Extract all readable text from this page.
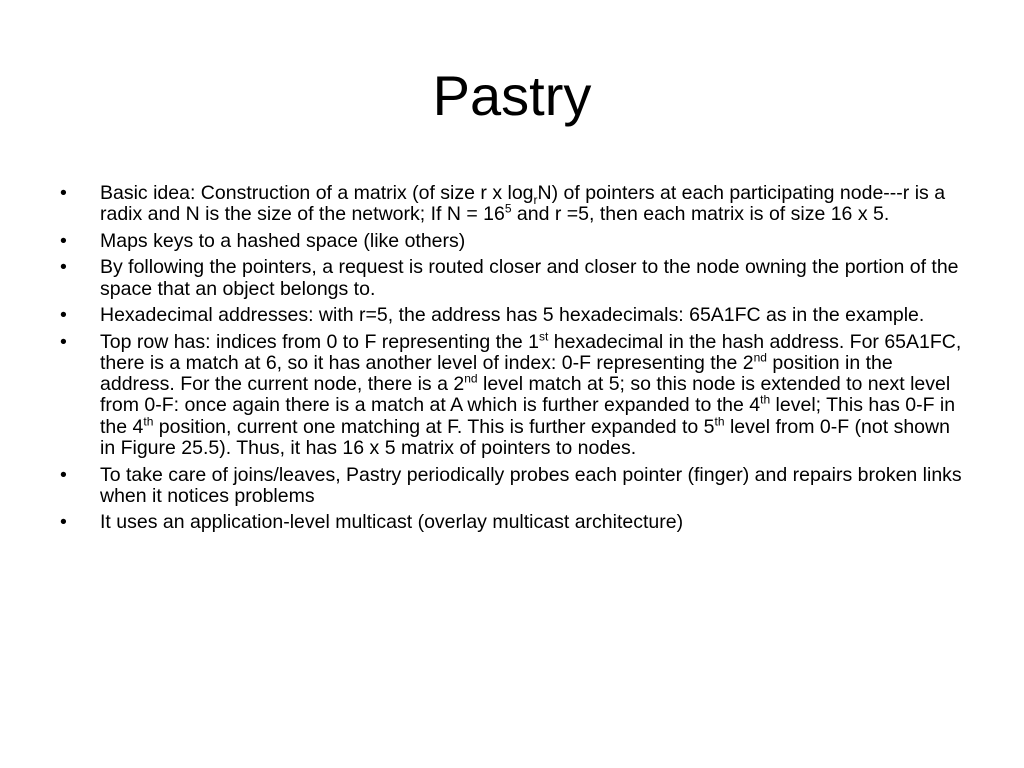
Pastry
•	Basic idea: Construction of a matrix (of size r x $\log_rN$) of pointers at each participating node---r is a radix and N is the size of the network; If $N = 16^5$ and r =5, then each matrix is of size 16 x 5.
•	Maps keys to a hashed space (like others)
•	By following the pointers, a request is routed closer and closer to the node owning the portion of the space that an object belongs to.
•	Hexadecimal addresses: with r=5, the address has 5 hexadecimals: 65A1FC as in the example.
•	Top row has: indices from 0 to F representing the 1st hexadecimal in the hash address. For 65A1FC, there is a match at 6, so it has another level of index: 0-F representing the 2nd position in the address. For the current node, there is a 2nd level match at 5; so this node is extended to next level from 0-F: once again there is a match at A which is further expanded to the 4th level; This has 0-F in the 4th position, current one matching at F. This is further expanded to 5th level from 0-F (not shown in Figure 25.5). Thus, it has 16 x 5 matrix of pointers to nodes.
•	To take care of joins/leaves, Pastry periodically probes each pointer (finger) and repairs broken links when it notices problems
•	It uses an application-level multicast (overlay multicast architecture)
